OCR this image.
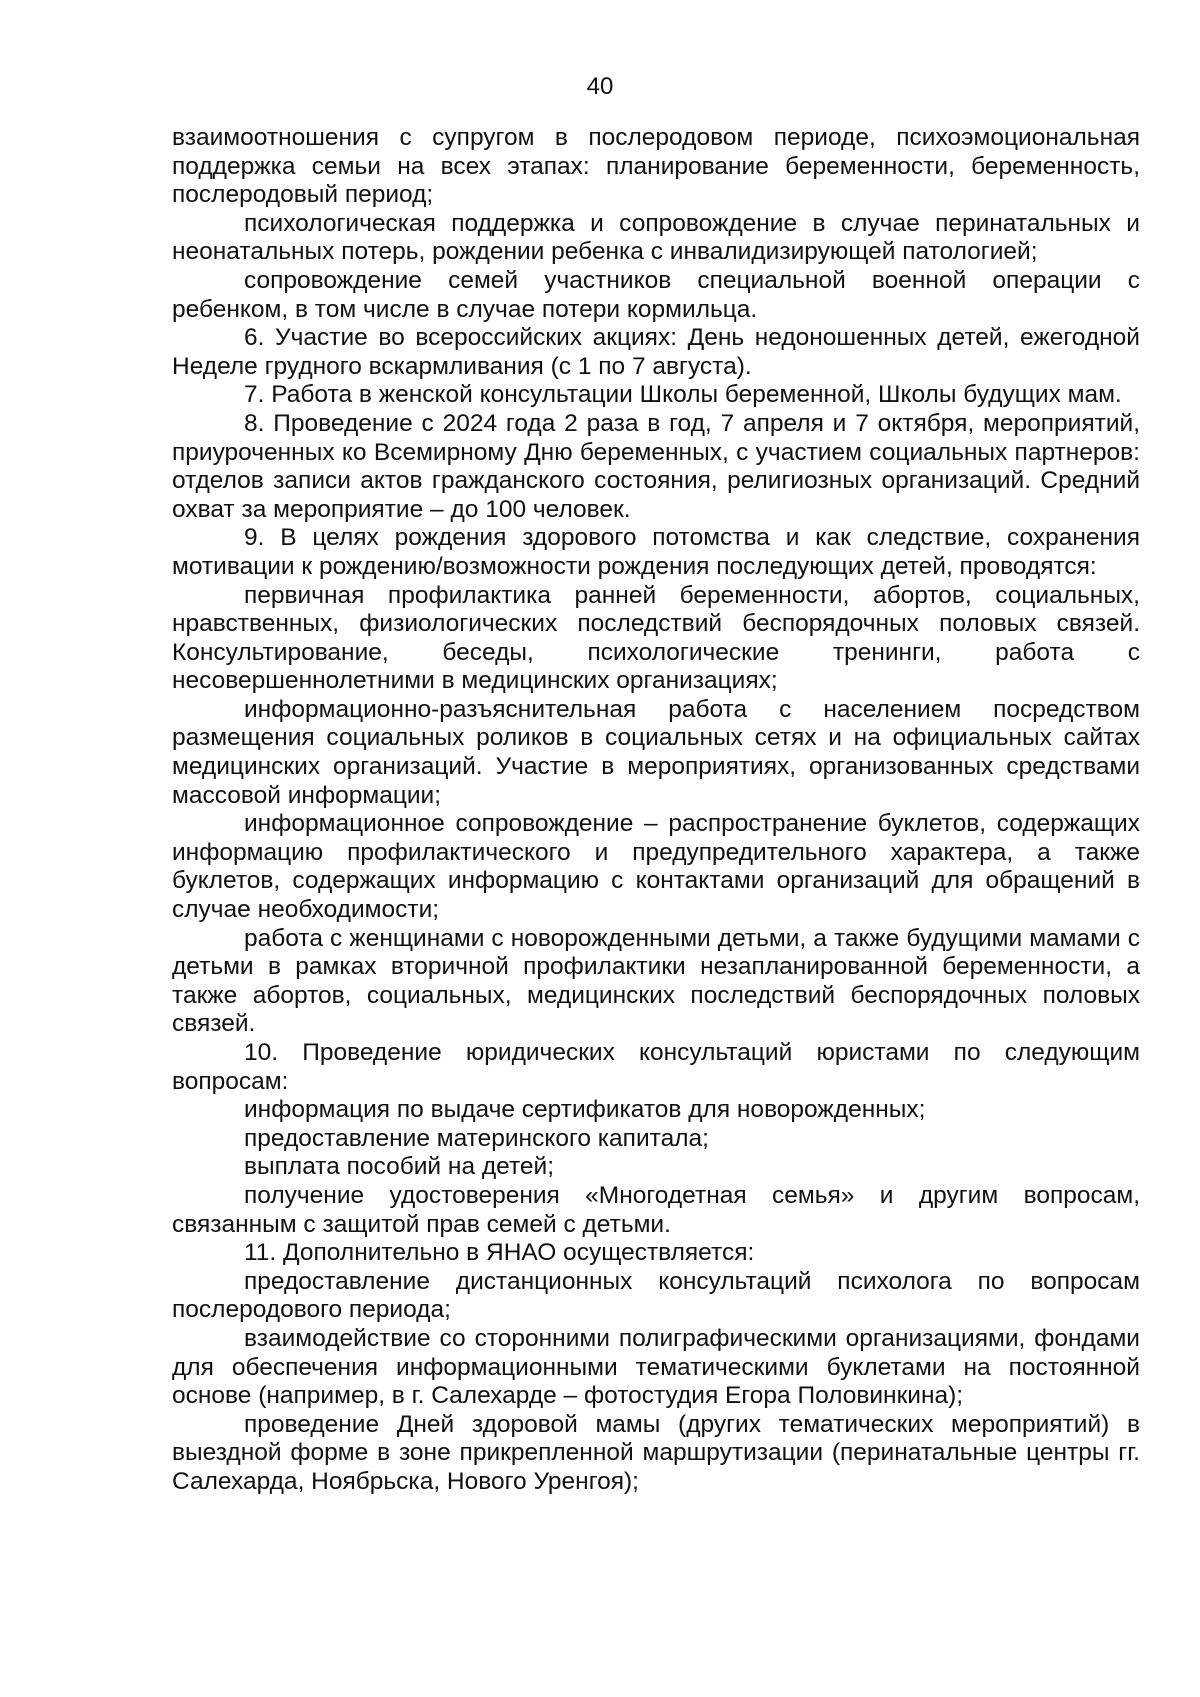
40

взаимоотношения с супругом в послеродовом периоде, психоэмоциональная поддержка семьи на всех этапах: планирование беременности, беременность, послеродовый период;

психологическая поддержка и сопровождение в случае перинатальных и неонатальных потерь, рождении ребенка с инвалидизирующей патологией;

сопровождение семей участников специальной военной операции с ребенком, в том числе в случае потери кормильца.

6. Участие во всероссийских акциях: День недоношенных детей, ежегодной Неделе грудного вскармливания (с 1 по 7 августа).

7. Работа в женской консультации Школы беременной, Школы будущих мам.

8. Проведение с 2024 года 2 раза в год, 7 апреля и 7 октября, мероприятий, приуроченных ко Всемирному Дню беременных, с участием социальных партнеров: отделов записи актов гражданского состояния, религиозных организаций. Средний охват за мероприятие – до 100 человек.

9. В целях рождения здорового потомства и как следствие, сохранения мотивации к рождению/возможности рождения последующих детей, проводятся:

первичная профилактика ранней беременности, абортов, социальных, нравственных, физиологических последствий беспорядочных половых связей. Консультирование, беседы, психологические тренинги, работа с несовершеннолетними в медицинских организациях;

информационно-разъяснительная работа с населением посредством размещения социальных роликов в социальных сетях и на официальных сайтах медицинских организаций. Участие в мероприятиях, организованных средствами массовой информации;

информационное сопровождение – распространение буклетов, содержащих информацию профилактического и предупредительного характера, а также буклетов, содержащих информацию с контактами организаций для обращений в случае необходимости;

работа с женщинами с новорожденными детьми, а также будущими мамами с детьми в рамках вторичной профилактики незапланированной беременности, а также абортов, социальных, медицинских последствий беспорядочных половых связей.

10. Проведение юридических консультаций юристами по следующим вопросам:

информация по выдаче сертификатов для новорожденных;

предоставление материнского капитала;

выплата пособий на детей;

получение удостоверения «Многодетная семья» и другим вопросам, связанным с защитой прав семей с детьми.

11. Дополнительно в ЯНАО осуществляется:

предоставление дистанционных консультаций психолога по вопросам послеродового периода;

взаимодействие со сторонними полиграфическими организациями, фондами для обеспечения информационными тематическими буклетами на постоянной основе (например, в г. Салехарде – фотостудия Егора Половинкина);

проведение Дней здоровой мамы (других тематических мероприятий) в выездной форме в зоне прикрепленной маршрутизации (перинатальные центры гг. Салехарда, Ноябрьска, Нового Уренгоя);
